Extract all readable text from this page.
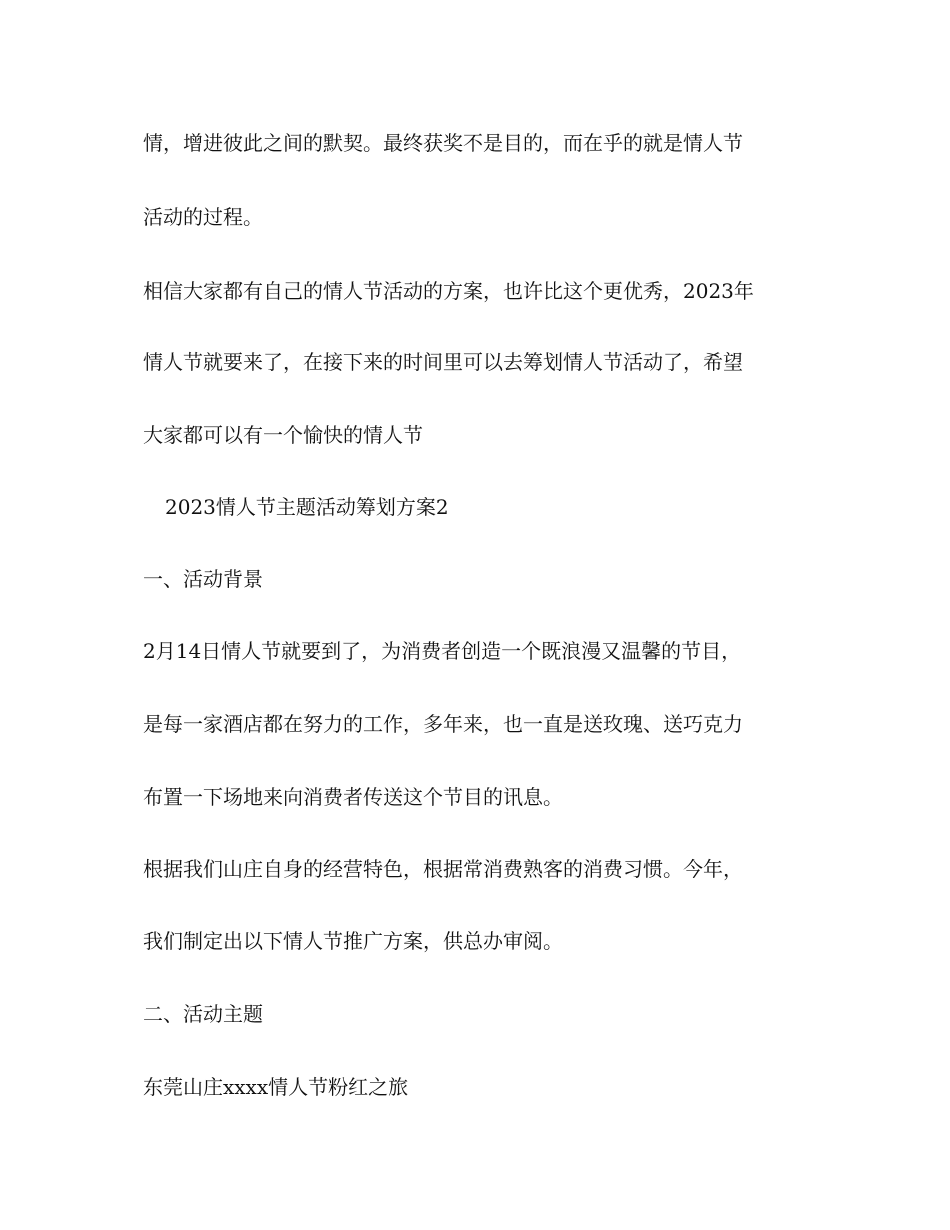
情，增进彼此之间的默契。最终获奖不是目的，而在乎的就是情人节

活动的过程。

相信大家都有自己的情人节活动的方案，也许比这个更优秀，2023年

情人节就要来了，在接下来的时间里可以去筹划情人节活动了，希望

大家都可以有一个愉快的情人节

2023情人节主题活动筹划方案2

一、活动背景

2月14日情人节就要到了，为消费者创造一个既浪漫又温馨的节目，

是每一家酒店都在努力的工作，多年来，也一直是送玫瑰、送巧克力

布置一下场地来向消费者传送这个节目的讯息。

根据我们山庄自身的经营特色，根据常消费熟客的消费习惯。今年，

我们制定出以下情人节推广方案，供总办审阅。

二、活动主题

东莞山庄xxxx情人节粉红之旅
